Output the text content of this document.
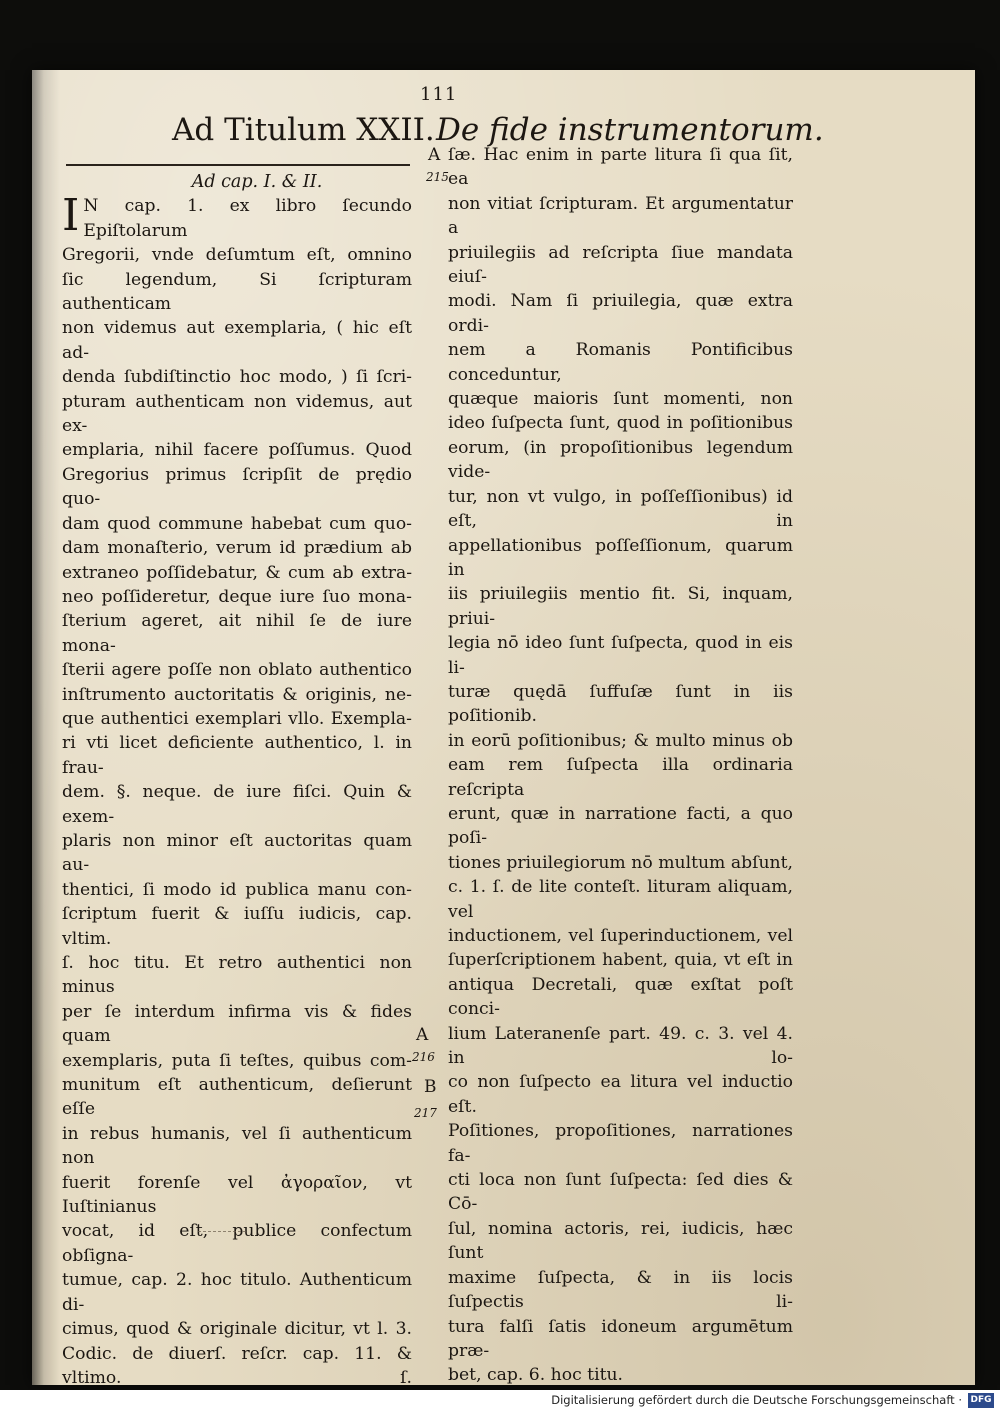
111
Ad Titulum XXII. De fide instrumentorum.
A
215
A
216
B
217

Ad cap. I. & II.

I N cap. 1. ex libro ſecundo Epiſtolarum

Gregorii, vnde deſumtum eſt, omnino

ſic legendum, Si ſcripturam authenticam

non videmus aut exemplaria, ( hic eſt ad-

denda ſubdiſtinctio hoc modo, ) ſi ſcri-

pturam authenticam non videmus, aut ex-

emplaria, nihil facere poſſumus. Quod

Gregorius primus ſcripſit de prędio quo-

dam quod commune habebat cum quo-

dam monaſterio, verum id prædium ab

extraneo poſſidebatur, & cum ab extra-

neo poſſideretur, deque iure ſuo mona-

ſterium ageret, ait nihil ſe de iure mona-

ſterii agere poſſe non oblato authentico

inſtrumento auctoritatis & originis, ne-

que authentici exemplari vllo. Exempla-

ri vti licet deficiente authentico, l. in frau-

dem. §. neque. de iure fiſci. Quin & exem-

plaris non minor eſt auctoritas quam au-

thentici, ſi modo id publica manu con-

ſcriptum fuerit & iuſſu iudicis, cap. vltim.

ſ. hoc titu. Et retro authentici non minus

per ſe interdum infirma vis & fides quam

exemplaris, puta ſi teſtes, quibus com-

munitum eſt authenticum, deſierunt eſſe

in rebus humanis, vel ſi authenticum non

fuerit forenſe vel ἀγοραῖον, vt Iuſtinianus

vocat, id eſt, publice confectum obſigna-

tumue, cap. 2. hoc titulo. Authenticum di-

cimus, quod & originale dicitur, vt l. 3.

Codic. de diuerſ. reſcr. cap. 11. & vltimo. ſ.

ſæ. Hac enim in parte litura ſi qua ſit, ea

non vitiat ſcripturam. Et argumentatur a

priuilegiis ad reſcripta ſiue mandata eiuſ-

modi. Nam ſi priuilegia, quæ extra ordi-

nem a Romanis Pontificibus conceduntur,

quæque maioris ſunt momenti, non

ideo ſuſpecta ſunt, quod in poſitionibus

eorum, (in propoſitionibus legendum vide-

tur, non vt vulgo, in poſſeſſionibus) id eſt, in

appellationibus poſſeſſionum, quarum in

iis priuilegiis mentio fit. Si, inquam, priui-

legia nō ideo ſunt ſuſpecta, quod in eis li-

turæ quędā ſuffuſæ ſunt in iis poſitionib.

in eorū poſitionibus; & multo minus ob

eam rem ſuſpecta illa ordinaria reſcripta

erunt, quæ in narratione facti, a quo poſi-

tiones priuilegiorum nō multum abſunt,

c. 1. ſ. de lite conteſt. lituram aliquam, vel

inductionem, vel ſuperinductionem, vel

ſuperſcriptionem habent, quia, vt eſt in

antiqua Decretali, quæ exſtat poſt conci-

lium Lateranenſe part. 49. c. 3. vel 4. in lo-

co non ſuſpecto ea litura vel inductio eſt.

Poſitiones, propoſitiones, narrationes fa-

cti loca non ſunt ſuſpecta: ſed dies & Cō-

ſul, nomina actoris, rei, iudicis, hæc ſunt

maxime ſuſpecta, & in iis locis ſuſpectis li-

tura falſi ſatis idoneum argumētum præ-

bet, cap. 6. hoc titu.

Digitalisierung gefördert durch die Deutsche Forschungsgemeinschaft · DFG
